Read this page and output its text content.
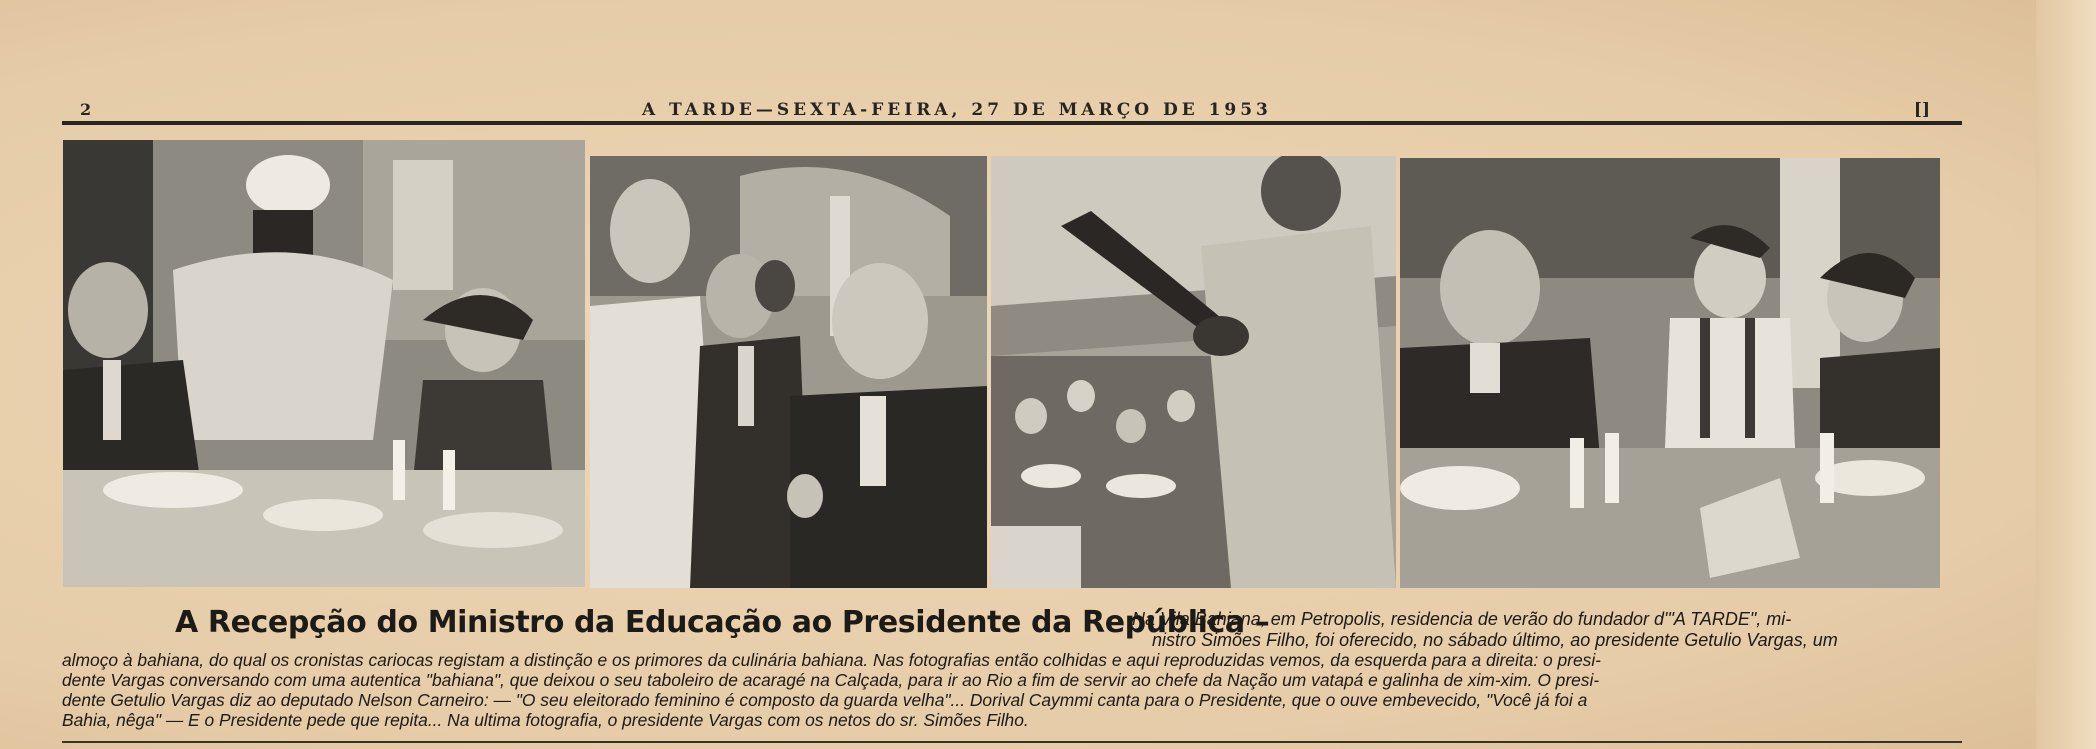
2	A TARDE—SEXTA-FEIRA, 27 DE MARÇO DE 1953	[]
A Recepção do Ministro da Educação ao Presidente da República –
Na Vila Bahiana, em Petropolis, residencia de verão do fundador d'"A TARDE", mi-
nistro Simões Filho, foi oferecido, no sábado último, ao presidente Getulio Vargas, um
almoço à bahiana, do qual os cronistas cariocas registam a distinção e os primores da culinária bahiana. Nas fotografias então colhidas e aqui reproduzidas vemos, da esquerda para a direita: o presi-
dente Vargas conversando com uma autentica "bahiana", que deixou o seu taboleiro de acaragé na Calçada, para ir ao Rio a fim de servir ao chefe da Nação um vatapá e galinha de xim-xim. O presi-
dente Getulio Vargas diz ao deputado Nelson Carneiro: — "O seu eleitorado feminino é composto da guarda velha"... Dorival Caymmi canta para o Presidente, que o ouve embevecido, "Você já foi a
Bahia, nêga" — E o Presidente pede que repita... Na ultima fotografia, o presidente Vargas com os netos do sr. Simões Filho.
